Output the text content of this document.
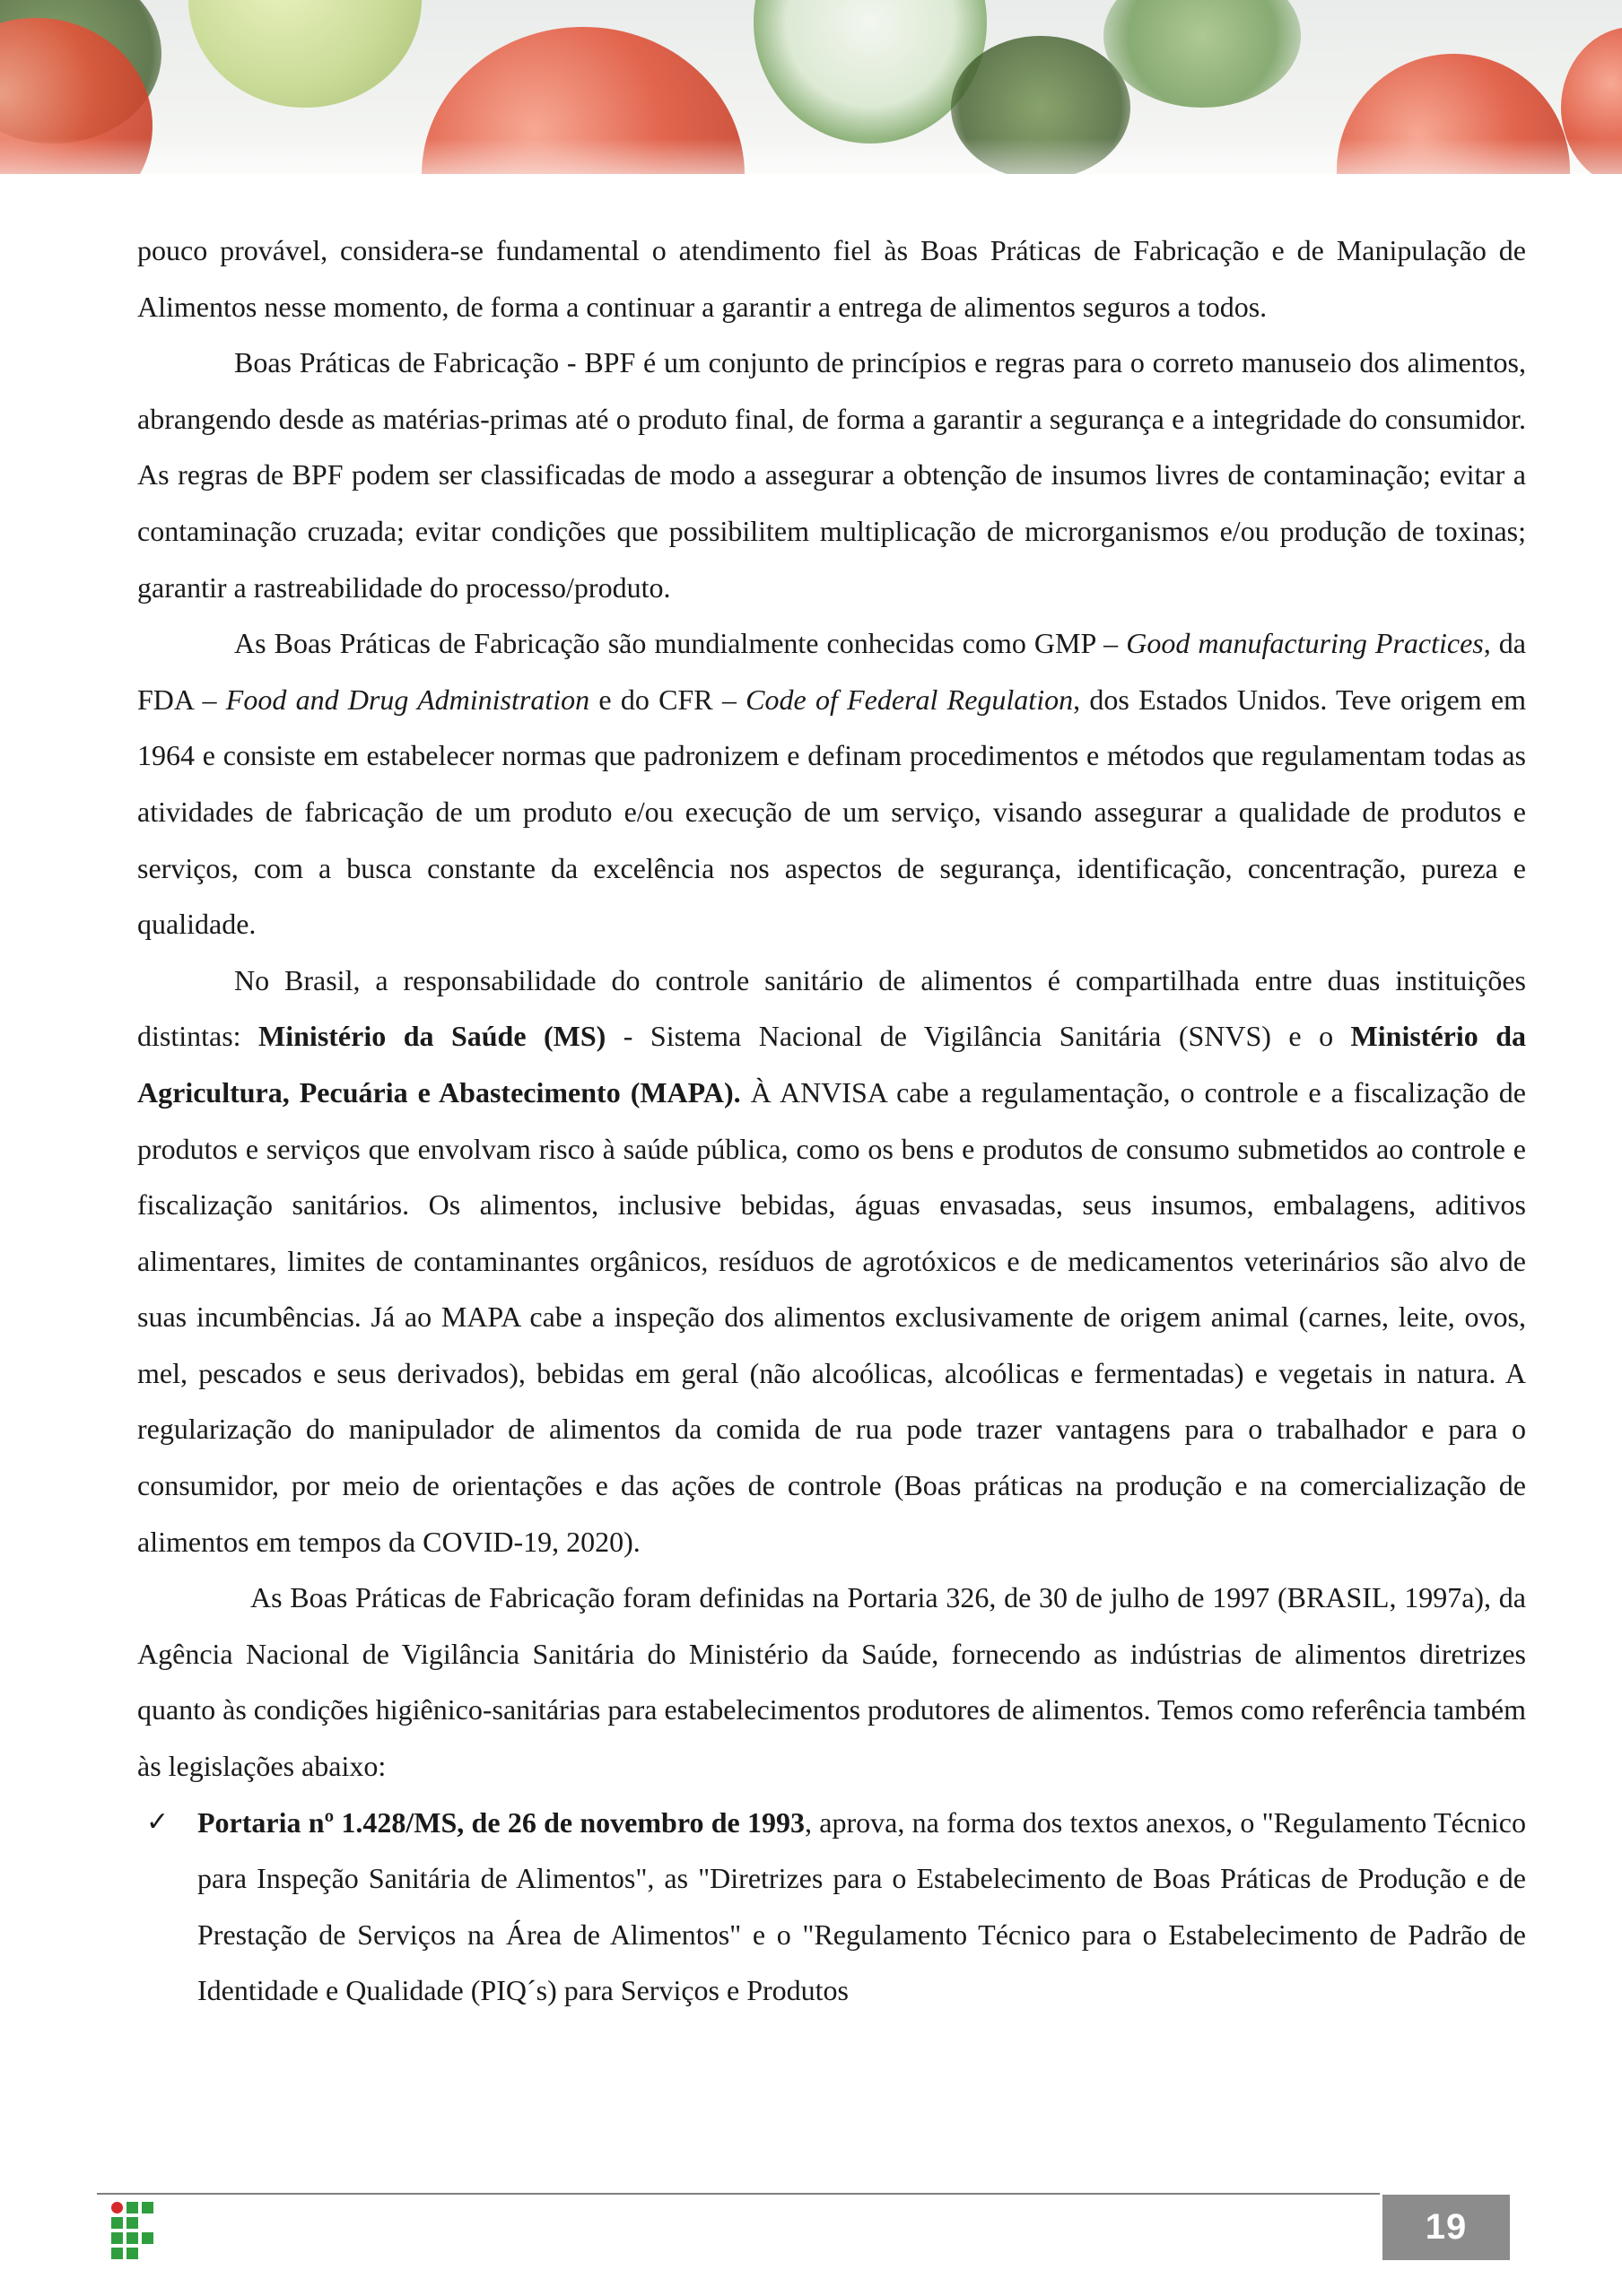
pouco provável, considera-se fundamental o atendimento fiel às Boas Práticas de Fabricação e de Manipulação de Alimentos nesse momento, de forma a continuar a garantir a entrega de alimentos seguros a todos.

Boas Práticas de Fabricação - BPF é um conjunto de princípios e regras para o correto manuseio dos alimentos, abrangendo desde as matérias-primas até o produto final, de forma a garantir a segurança e a integridade do consumidor. As regras de BPF podem ser classificadas de modo a assegurar a obtenção de insumos livres de contaminação; evitar a contaminação cruzada; evitar condições que possibilitem multiplicação de microrganismos e/ou produção de toxinas; garantir a rastreabilidade do processo/produto.

As Boas Práticas de Fabricação são mundialmente conhecidas como GMP – Good manufacturing Practices, da FDA – Food and Drug Administration e do CFR – Code of Federal Regulation, dos Estados Unidos. Teve origem em 1964 e consiste em estabelecer normas que padronizem e definam procedimentos e métodos que regulamentam todas as atividades de fabricação de um produto e/ou execução de um serviço, visando assegurar a qualidade de produtos e serviços, com a busca constante da excelência nos aspectos de segurança, identificação, concentração, pureza e qualidade.

No Brasil, a responsabilidade do controle sanitário de alimentos é compartilhada entre duas instituições distintas: Ministério da Saúde (MS) - Sistema Nacional de Vigilância Sanitária (SNVS) e o Ministério da Agricultura, Pecuária e Abastecimento (MAPA). À ANVISA cabe a regulamentação, o controle e a fiscalização de produtos e serviços que envolvam risco à saúde pública, como os bens e produtos de consumo submetidos ao controle e fiscalização sanitários. Os alimentos, inclusive bebidas, águas envasadas, seus insumos, embalagens, aditivos alimentares, limites de contaminantes orgânicos, resíduos de agrotóxicos e de medicamentos veterinários são alvo de suas incumbências. Já ao MAPA cabe a inspeção dos alimentos exclusivamente de origem animal (carnes, leite, ovos, mel, pescados e seus derivados), bebidas em geral (não alcoólicas, alcoólicas e fermentadas) e vegetais in natura. A regularização do manipulador de alimentos da comida de rua pode trazer vantagens para o trabalhador e para o consumidor, por meio de orientações e das ações de controle (Boas práticas na produção e na comercialização de alimentos em tempos da COVID-19, 2020).

As Boas Práticas de Fabricação foram definidas na Portaria 326, de 30 de julho de 1997 (BRASIL, 1997a), da Agência Nacional de Vigilância Sanitária do Ministério da Saúde, fornecendo as indústrias de alimentos diretrizes quanto às condições higiênico-sanitárias para estabelecimentos produtores de alimentos. Temos como referência também às legislações abaixo:

✓ Portaria nº 1.428/MS, de 26 de novembro de 1993, aprova, na forma dos textos anexos, o "Regulamento Técnico para Inspeção Sanitária de Alimentos", as "Diretrizes para o Estabelecimento de Boas Práticas de Produção e de Prestação de Serviços na Área de Alimentos" e o "Regulamento Técnico para o Estabelecimento de Padrão de Identidade e Qualidade (PIQ´s) para Serviços e Produtos

19
